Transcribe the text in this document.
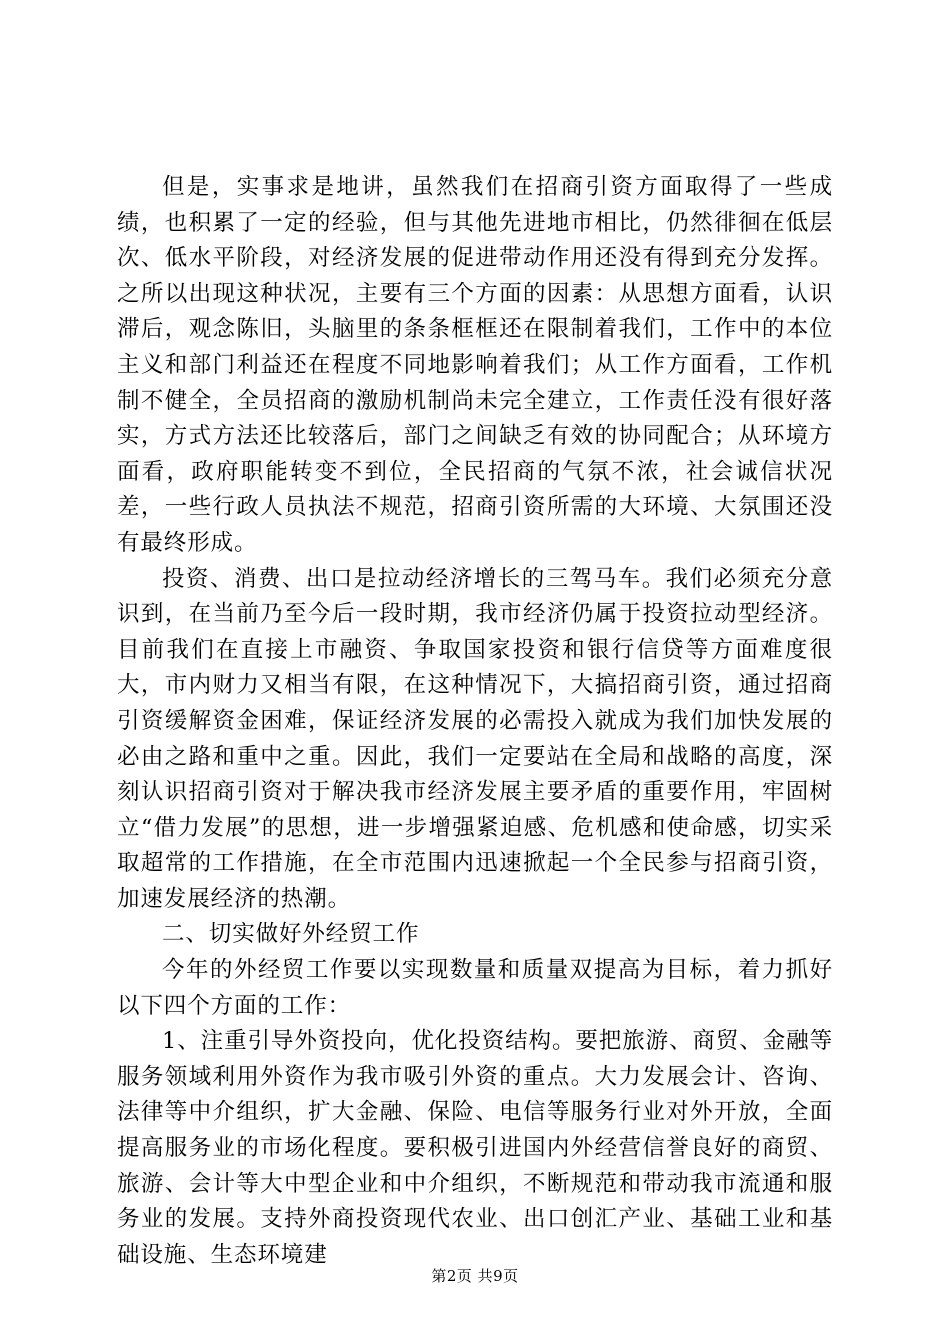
但是，实事求是地讲，虽然我们在招商引资方面取得了一些成绩，也积累了一定的经验，但与其他先进地市相比，仍然徘徊在低层次、低水平阶段，对经济发展的促进带动作用还没有得到充分发挥。之所以出现这种状况，主要有三个方面的因素：从思想方面看，认识滞后，观念陈旧，头脑里的条条框框还在限制着我们，工作中的本位主义和部门利益还在程度不同地影响着我们；从工作方面看，工作机制不健全，全员招商的激励机制尚未完全建立，工作责任没有很好落实，方式方法还比较落后，部门之间缺乏有效的协同配合；从环境方面看，政府职能转变不到位，全民招商的气氛不浓，社会诚信状况差，一些行政人员执法不规范，招商引资所需的大环境、大氛围还没有最终形成。

投资、消费、出口是拉动经济增长的三驾马车。我们必须充分意识到，在当前乃至今后一段时期，我市经济仍属于投资拉动型经济。目前我们在直接上市融资、争取国家投资和银行信贷等方面难度很大，市内财力又相当有限，在这种情况下，大搞招商引资，通过招商引资缓解资金困难，保证经济发展的必需投入就成为我们加快发展的必由之路和重中之重。因此，我们一定要站在全局和战略的高度，深刻认识招商引资对于解决我市经济发展主要矛盾的重要作用，牢固树立“借力发展”的思想，进一步增强紧迫感、危机感和使命感，切实采取超常的工作措施，在全市范围内迅速掀起一个全民参与招商引资，加速发展经济的热潮。

二、切实做好外经贸工作

今年的外经贸工作要以实现数量和质量双提高为目标，着力抓好以下四个方面的工作：

1、注重引导外资投向，优化投资结构。要把旅游、商贸、金融等服务领域利用外资作为我市吸引外资的重点。大力发展会计、咨询、法律等中介组织，扩大金融、保险、电信等服务行业对外开放，全面提高服务业的市场化程度。要积极引进国内外经营信誉良好的商贸、旅游、会计等大中型企业和中介组织，不断规范和带动我市流通和服务业的发展。支持外商投资现代农业、出口创汇产业、基础工业和基础设施、生态环境建

第2页 共9页
